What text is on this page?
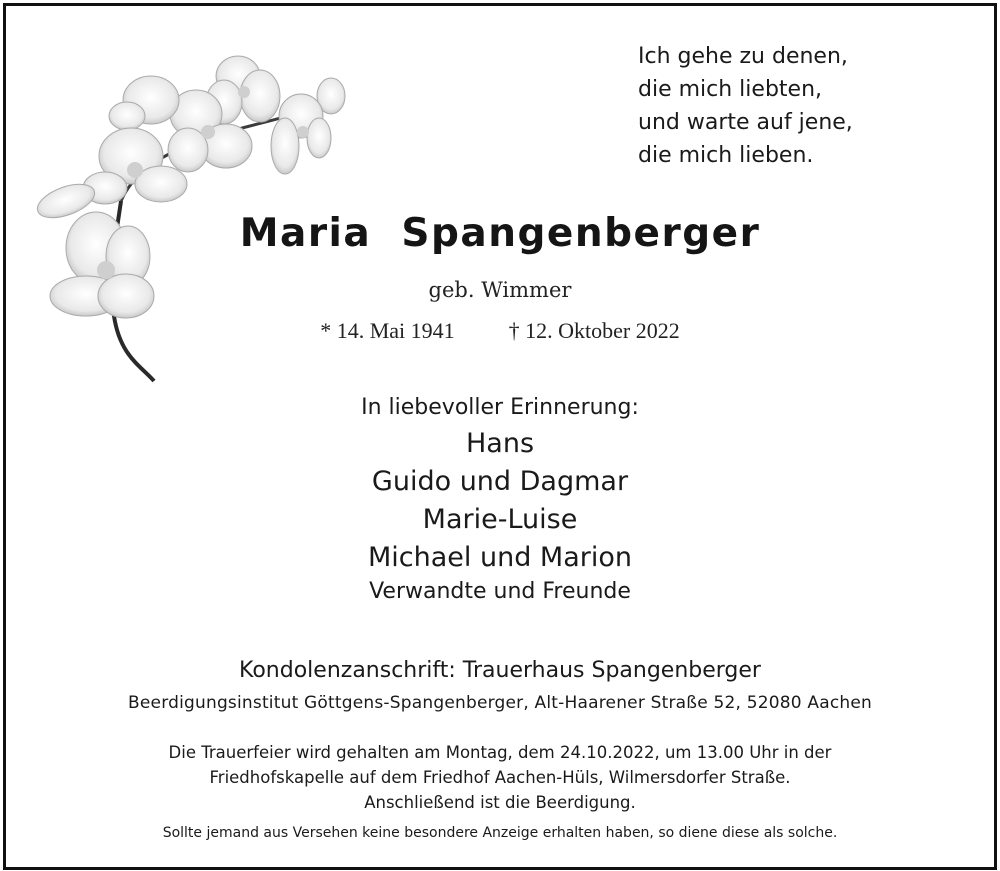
Ich gehe zu denen,
die mich liebten,
und warte auf jene,
die mich lieben.
Maria  Spangenberger
geb. Wimmer
* 14. Mai 1941 † 12. Oktober 2022
In liebevoller Erinnerung:
Hans
Guido und Dagmar
Marie-Luise
Michael und Marion
Verwandte und Freunde
Kondolenzanschrift: Trauerhaus Spangenberger
Beerdigungsinstitut Göttgens-Spangenberger, Alt-Haarener Straße 52, 52080 Aachen
Die Trauerfeier wird gehalten am Montag, dem 24.10.2022, um 13.00 Uhr in der
Friedhofskapelle auf dem Friedhof Aachen-Hüls, Wilmersdorfer Straße.
Anschließend ist die Beerdigung.
Sollte jemand aus Versehen keine besondere Anzeige erhalten haben, so diene diese als solche.
